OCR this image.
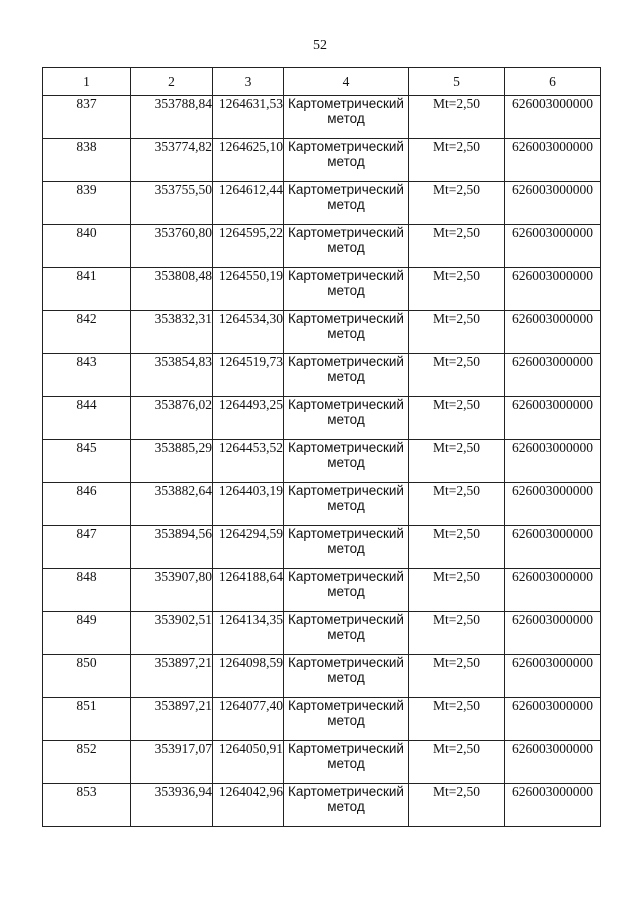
52
1	2	3	4	5	6
837	353788,84	1264631,53	Картометрический метод	Mt=2,50	626003000000
838	353774,82	1264625,10	Картометрический метод	Mt=2,50	626003000000
839	353755,50	1264612,44	Картометрический метод	Mt=2,50	626003000000
840	353760,80	1264595,22	Картометрический метод	Mt=2,50	626003000000
841	353808,48	1264550,19	Картометрический метод	Mt=2,50	626003000000
842	353832,31	1264534,30	Картометрический метод	Mt=2,50	626003000000
843	353854,83	1264519,73	Картометрический метод	Mt=2,50	626003000000
844	353876,02	1264493,25	Картометрический метод	Mt=2,50	626003000000
845	353885,29	1264453,52	Картометрический метод	Mt=2,50	626003000000
846	353882,64	1264403,19	Картометрический метод	Mt=2,50	626003000000
847	353894,56	1264294,59	Картометрический метод	Mt=2,50	626003000000
848	353907,80	1264188,64	Картометрический метод	Mt=2,50	626003000000
849	353902,51	1264134,35	Картометрический метод	Mt=2,50	626003000000
850	353897,21	1264098,59	Картометрический метод	Mt=2,50	626003000000
851	353897,21	1264077,40	Картометрический метод	Mt=2,50	626003000000
852	353917,07	1264050,91	Картометрический метод	Mt=2,50	626003000000
853	353936,94	1264042,96	Картометрический метод	Mt=2,50	626003000000
